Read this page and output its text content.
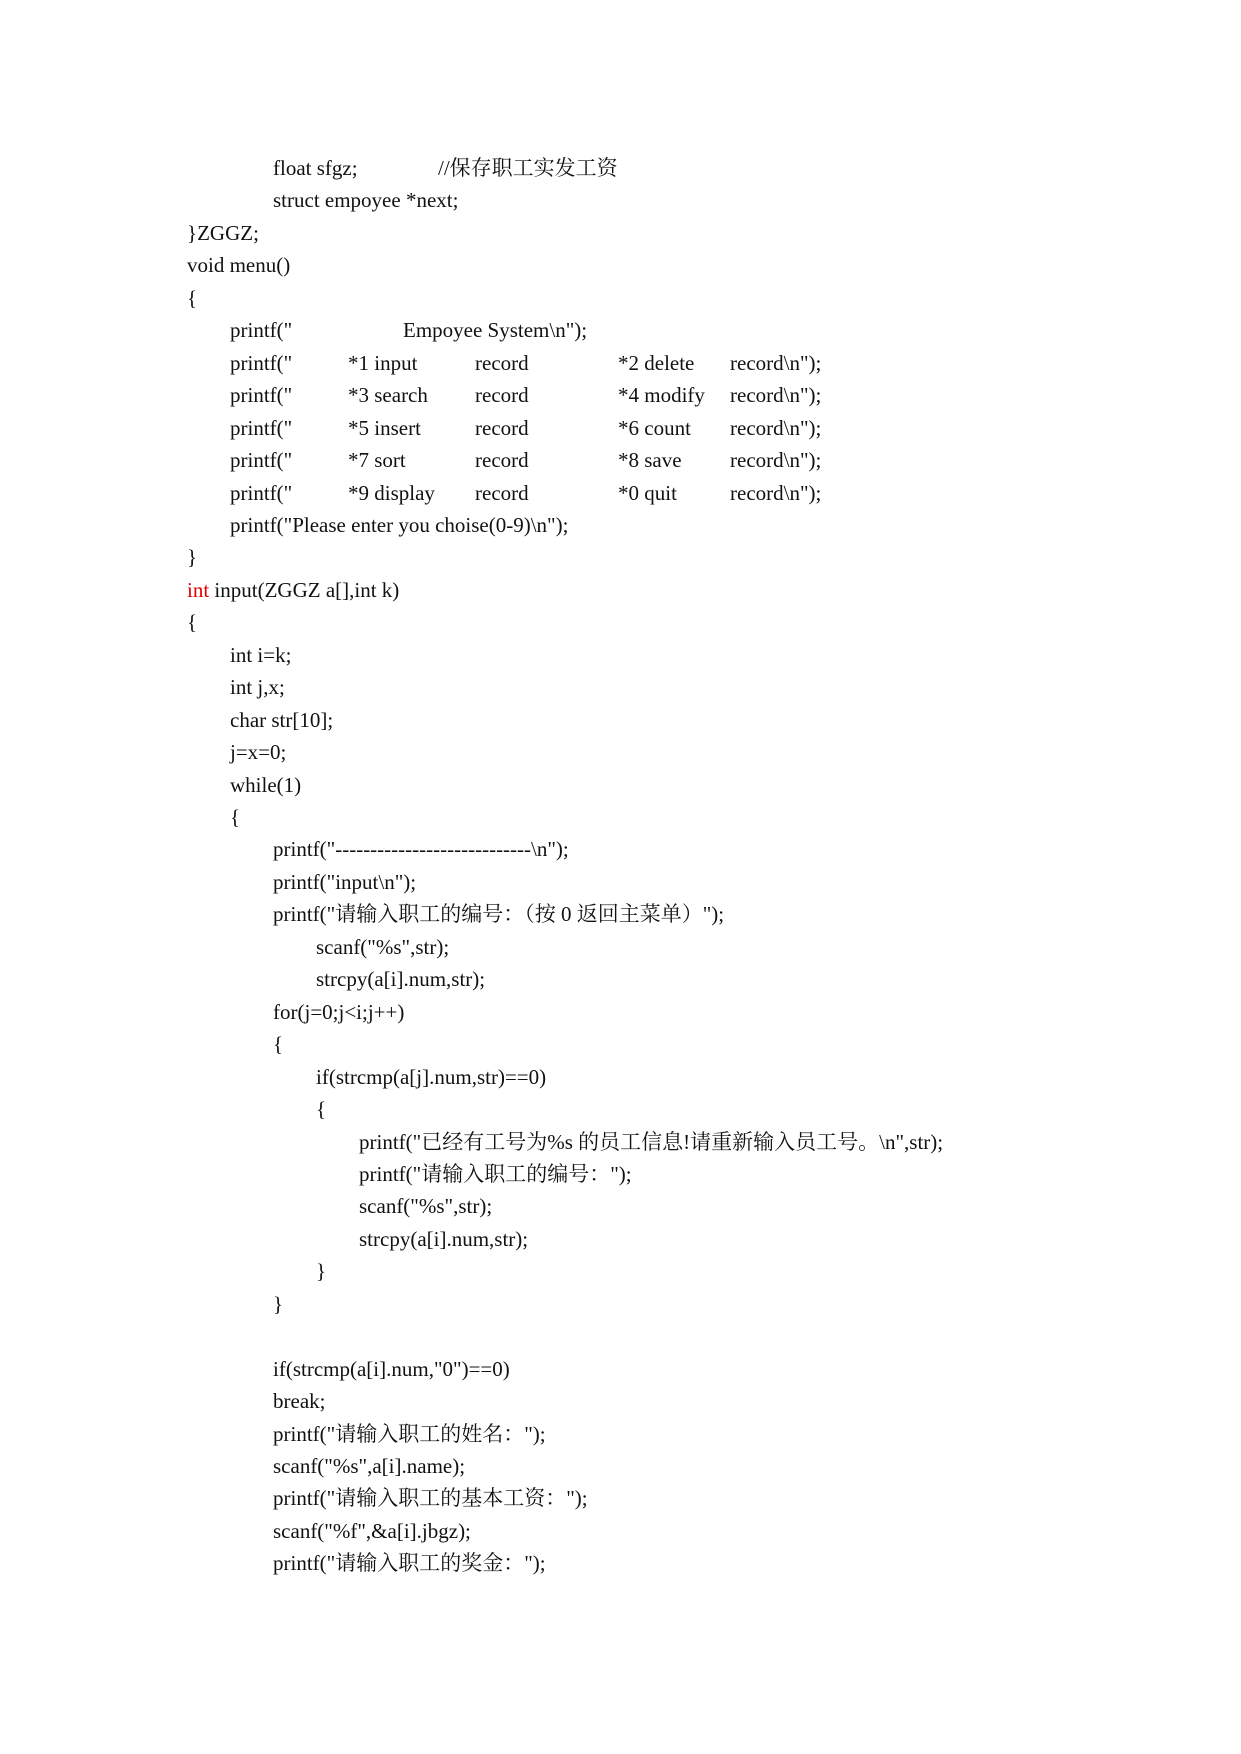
float sfgz;	//保存职工实发工资
struct empoyee *next;
}ZGGZ;
void menu()
{
printf("	Empoyee System\n");
printf("	*1 input	record	*2 delete record\n");
printf("	*3 search record	*4 modify record\n");
printf("	*5 insert	record	*6 count record\n");
printf("	*7 sort	record	*8 save record\n");
printf("	*9 display record	*0 quit	record\n");
printf("Please enter you choise(0-9)\n");
}
int input(ZGGZ a[],int k)
{
int i=k;
int j,x;
char str[10];
j=x=0;
while(1)
{
printf("----------------------------\n");
printf("input\n");
printf("请输入职工的编号：（按 0 返回主菜单）");
scanf("%s",str);
strcpy(a[i].num,str);
for(j=0;j<i;j++)
{
if(strcmp(a[j].num,str)==0)
{
printf("已经有工号为%s 的员工信息!请重新输入员工号。\n",str);
printf("请输入职工的编号：");
scanf("%s",str);
strcpy(a[i].num,str);
}
}
if(strcmp(a[i].num,"0")==0)
break;
printf("请输入职工的姓名：");
scanf("%s",a[i].name);
printf("请输入职工的基本工资：");
scanf("%f",&a[i].jbgz);
printf("请输入职工的奖金：");
